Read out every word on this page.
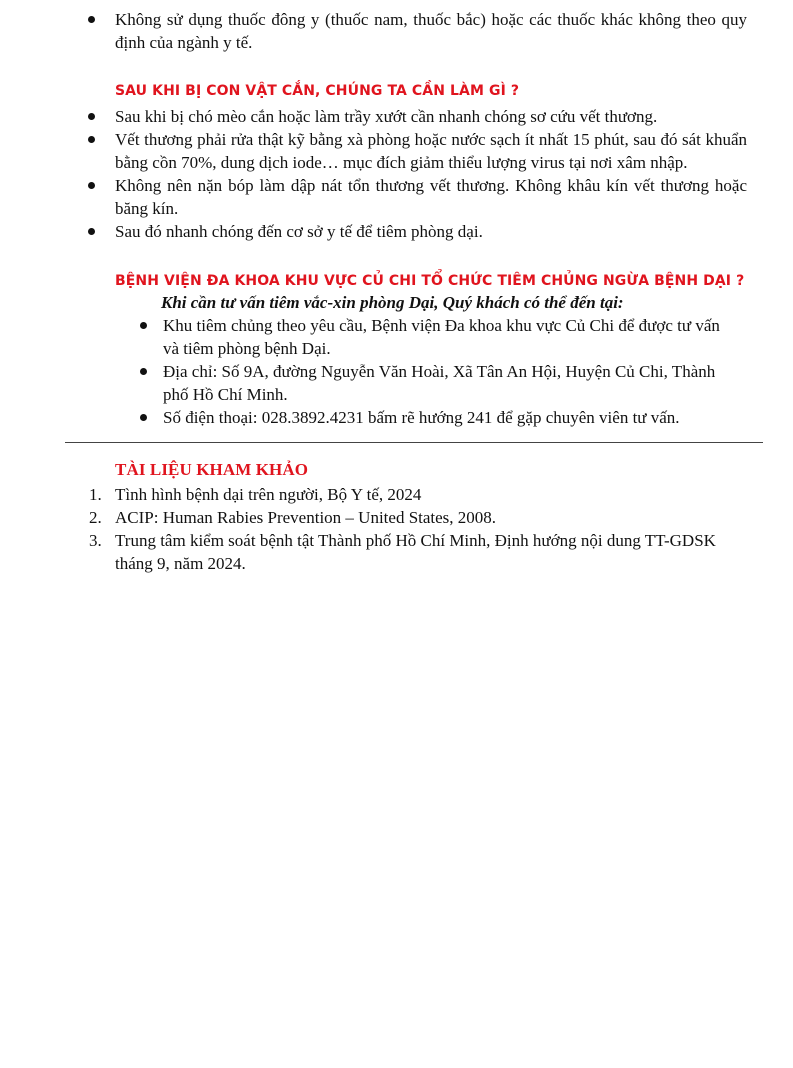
Không sử dụng thuốc đông y (thuốc nam, thuốc bắc) hoặc các thuốc khác không theo quy định của ngành y tế.
SAU KHI BỊ CON VẬT CẮN, CHÚNG TA CẦN LÀM GÌ ?
Sau khi bị chó mèo cắn hoặc làm trầy xướt cần nhanh chóng sơ cứu vết thương.
Vết thương phải rửa thật kỹ bằng xà phòng hoặc nước sạch ít nhất 15 phút, sau đó sát khuẩn bằng cồn 70%, dung dịch iode… mục đích giảm thiểu lượng virus tại nơi xâm nhập.
Không nên nặn bóp làm dập nát tổn thương vết thương. Không khâu kín vết thương hoặc băng kín.
Sau đó nhanh chóng đến cơ sở y tế để tiêm phòng dại.
BỆNH VIỆN ĐA KHOA KHU VỰC CỦ CHI TỔ CHỨC TIÊM CHỦNG NGỪA BỆNH DẠI ?
Khi cần tư vấn tiêm vắc-xin phòng Dại, Quý khách có thể đến tại:
Khu tiêm chủng theo yêu cầu, Bệnh viện Đa khoa khu vực Củ Chi để được tư vấn và tiêm phòng bệnh Dại.
Địa chỉ: Số 9A, đường Nguyễn Văn Hoài, Xã Tân An Hội, Huyện Củ Chi, Thành phố Hồ Chí Minh.
Số điện thoại: 028.3892.4231 bấm rẽ hướng 241 để gặp chuyên viên tư vấn.
TÀI LIỆU KHAM KHẢO
1. Tình hình bệnh dại trên người, Bộ Y tế, 2024
2. ACIP: Human Rabies Prevention – United States, 2008.
3. Trung tâm kiểm soát bệnh tật Thành phố Hồ Chí Minh, Định hướng nội dung TT-GDSK tháng 9, năm 2024.
